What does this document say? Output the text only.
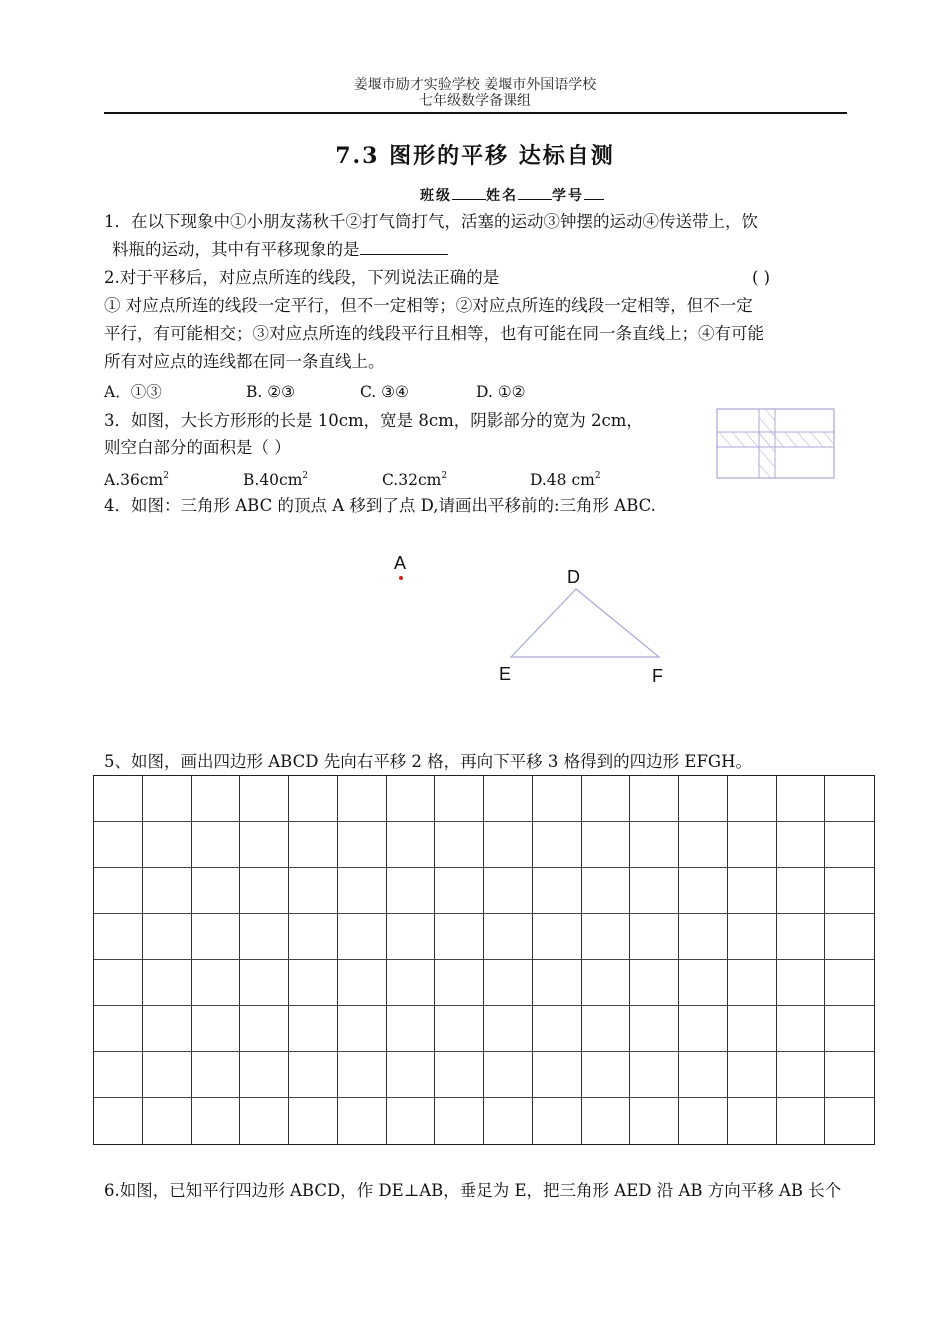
姜堰市励才实验学校 姜堰市外国语学校
七年级数学备课组
7.3 图形的平移 达标自测
班级 姓名 学号
1．在以下现象中①小朋友荡秋千②打气筒打气，活塞的运动③钟摆的运动④传送带上，饮
料瓶的运动，其中有平移现象的是
2.对于平移后，对应点所连的线段，下列说法正确的是	( )
① 对应点所连的线段一定平行，但不一定相等；②对应点所连的线段一定相等，但不一定
平行，有可能相交；③对应点所连的线段平行且相等，也有可能在同一条直线上；④有可能
所有对应点的连线都在同一条直线上。
A．①③	B. ②③	C. ③④	D. ①②
3．如图，大长方形形的长是 10cm，宽是 8cm，阴影部分的宽为 2cm，
则空白部分的面积是（ ）
$A.36cm^2$	$B.40cm^2$	$C.32cm^2$	D.48 $cm^2$
4．如图：三角形 ABC 的顶点 A 移到了点 D,请画出平移前的:三角形 ABC.
A
D
E	F
5、如图，画出四边形 ABCD 先向右平移 2 格，再向下平移 3 格得到的四边形 EFGH。
6.如图，已知平行四边形 ABCD，作 DE⊥AB，垂足为 E，把三角形 AED 沿 AB 方向平移 AB 长个
